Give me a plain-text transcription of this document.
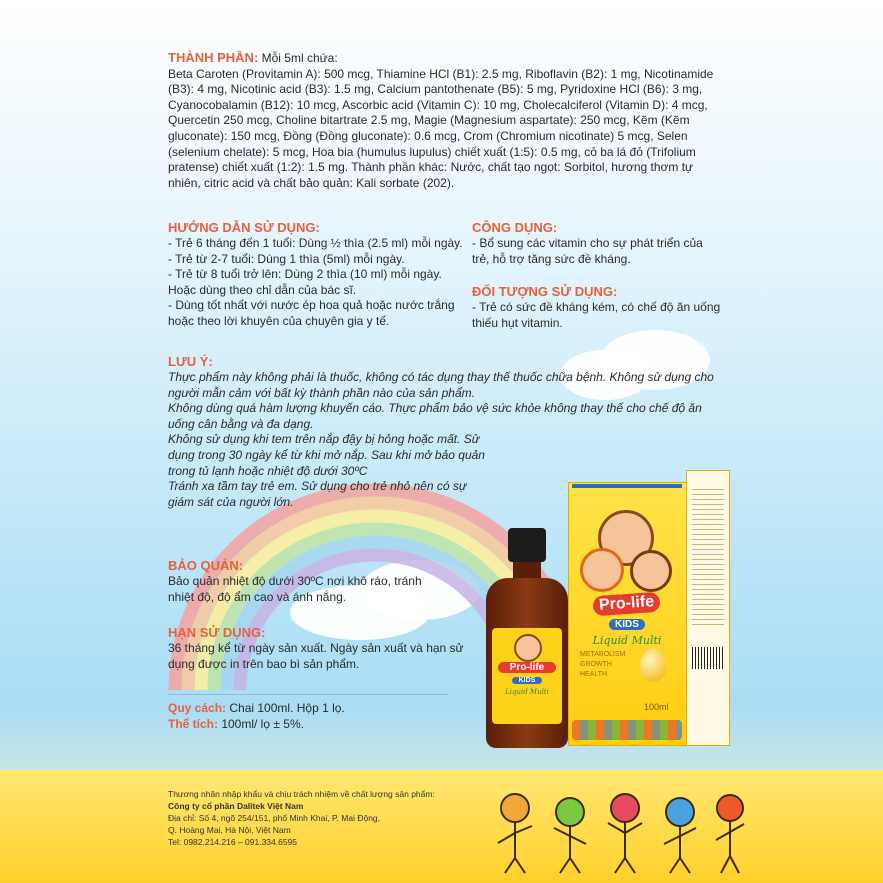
THÀNH PHẦN: Mỗi 5ml chứa:

Beta Caroten (Provitamin A): 500 mcg, Thiamine HCl (B1): 2.5 mg, Riboflavin (B2): 1 mg, Nicotinamide (B3): 4 mg, Nicotinic acid (B3): 1.5 mg, Calcium pantothenate (B5): 5 mg, Pyridoxine HCl (B6): 3 mg, Cyanocobalamin (B12): 10 mcg, Ascorbic acid (Vitamin C): 10 mg, Cholecalciferol (Vitamin D): 4 mcg, Quercetin 250 mcg, Choline bitartrate 2.5 mg, Magie (Magnesium aspartate): 250 mcg, Kẽm (Kẽm gluconate): 150 mcg, Đồng (Đồng gluconate): 0.6 mcg, Crom (Chromium nicotinate) 5 mcg, Selen (selenium chelate): 5 mcg, Hoa bia (humulus lupulus) chiết xuất (1:5): 0.5 mg, cỏ ba lá đỏ (Trifolium pratense) chiết xuất (1:2): 1.5 mg. Thành phần khác: Nước, chất tạo ngọt: Sorbitol, hương thơm tự nhiên, citric acid và chất bảo quản: Kali sorbate (202).

HƯỚNG DẪN SỬ DỤNG:

- Trẻ 6 tháng đến 1 tuổi: Dùng ½ thìa (2.5 ml) mỗi ngày.

- Trẻ từ 2-7 tuổi: Dùng 1 thìa (5ml) mỗi ngày.

- Trẻ từ 8 tuổi trở lên: Dùng 2 thìa (10 ml) mỗi ngày. Hoặc dùng theo chỉ dẫn của bác sĩ.

- Dùng tốt nhất với nước ép hoa quả hoặc nước trắng hoặc theo lời khuyên của chuyên gia y tế.

CÔNG DỤNG:

- Bổ sung các vitamin cho sự phát triển của trẻ, hỗ trợ tăng sức đề kháng.

ĐỐI TƯỢNG SỬ DỤNG:

- Trẻ có sức đề kháng kém, có chế độ ăn uống thiếu hụt vitamin.

LƯU Ý:

Thực phẩm này không phải là thuốc, không có tác dụng thay thế thuốc chữa bệnh. Không sử dụng cho người mẫn cảm với bất kỳ thành phần nào của sản phẩm.

Không dùng quá hàm lượng khuyến cáo. Thực phẩm bảo vệ sức khỏe không thay thế cho chế độ ăn uống cân bằng và đa dạng.

Không sử dụng khi tem trên nắp đậy bị hỏng hoặc mất. Sử dụng trong 30 ngày kể từ khi mở nắp. Sau khi mở bảo quản trong tủ lạnh hoặc nhiệt độ dưới 30ºC

Tránh xa tầm tay trẻ em. Sử dụng cho trẻ nhỏ nên có sự giám sát của người lớn.

BẢO QUẢN:

Bảo quản nhiệt độ dưới 30ºC nơi khô ráo, tránh nhiệt độ, độ ẩm cao và ánh nắng.

HẠN SỬ DỤNG:

36 tháng kể từ ngày sản xuất. Ngày sản xuất và hạn sử dụng được in trên bao bì sản phẩm.

Quy cách: Chai 100ml. Hộp 1 lọ.

Thể tích: 100ml/ lọ ± 5%.

Pro-life
KIDS
Liquid Multi
METABOLISM
GROWTH
HEALTH
100ml
Pro-life
KIDS
Liquid Multi
Thương nhân nhập khẩu và chịu trách nhiệm về chất lượng sản phẩm:
Công ty cổ phần Dalitek Việt Nam
Địa chỉ: Số 4, ngõ 254/151, phố Minh Khai, P. Mai Động,
Q. Hoàng Mai, Hà Nội, Việt Nam
Tel: 0982.214.216 – 091.334.6595
